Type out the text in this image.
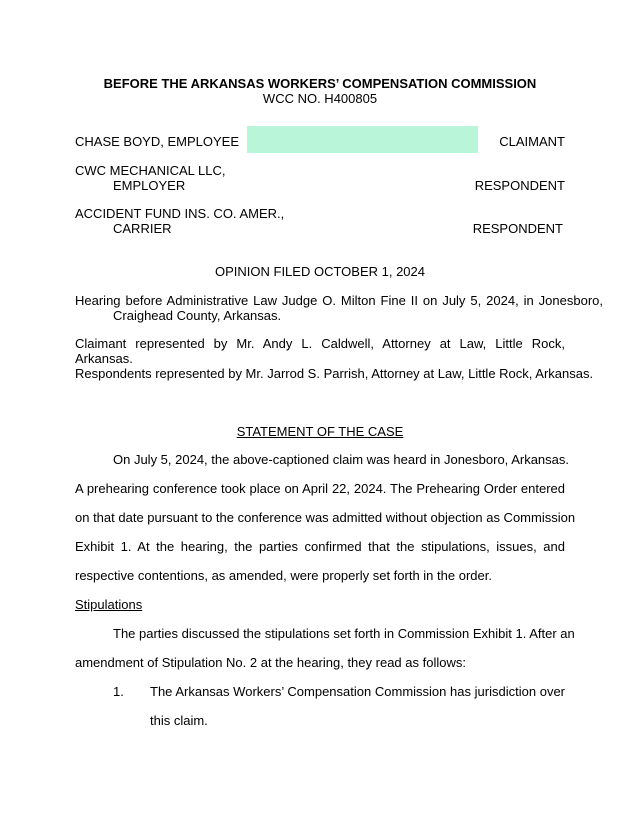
BEFORE THE ARKANSAS WORKERS’ COMPENSATION COMMISSION
WCC NO. H400805
CHASE BOYD, EMPLOYEE	CLAIMANT
CWC MECHANICAL LLC,
EMPLOYER	RESPONDENT
ACCIDENT FUND INS. CO. AMER.,
CARRIER	RESPONDENT
OPINION FILED OCTOBER 1, 2024
Hearing before Administrative Law Judge O. Milton Fine II on July 5, 2024, in Jonesboro, Craighead County, Arkansas.
Claimant represented by Mr. Andy L. Caldwell, Attorney at Law, Little Rock, Arkansas.
Respondents represented by Mr. Jarrod S. Parrish, Attorney at Law, Little Rock, Arkansas.
STATEMENT OF THE CASE
On July 5, 2024, the above-captioned claim was heard in Jonesboro, Arkansas.
A prehearing conference took place on April 22, 2024. The Prehearing Order entered
on that date pursuant to the conference was admitted without objection as Commission
Exhibit 1. At the hearing, the parties confirmed that the stipulations, issues, and
respective contentions, as amended, were properly set forth in the order.
Stipulations
The parties discussed the stipulations set forth in Commission Exhibit 1. After an
amendment of Stipulation No. 2 at the hearing, they read as follows:
1. The Arkansas Workers’ Compensation Commission has jurisdiction over
this claim.
